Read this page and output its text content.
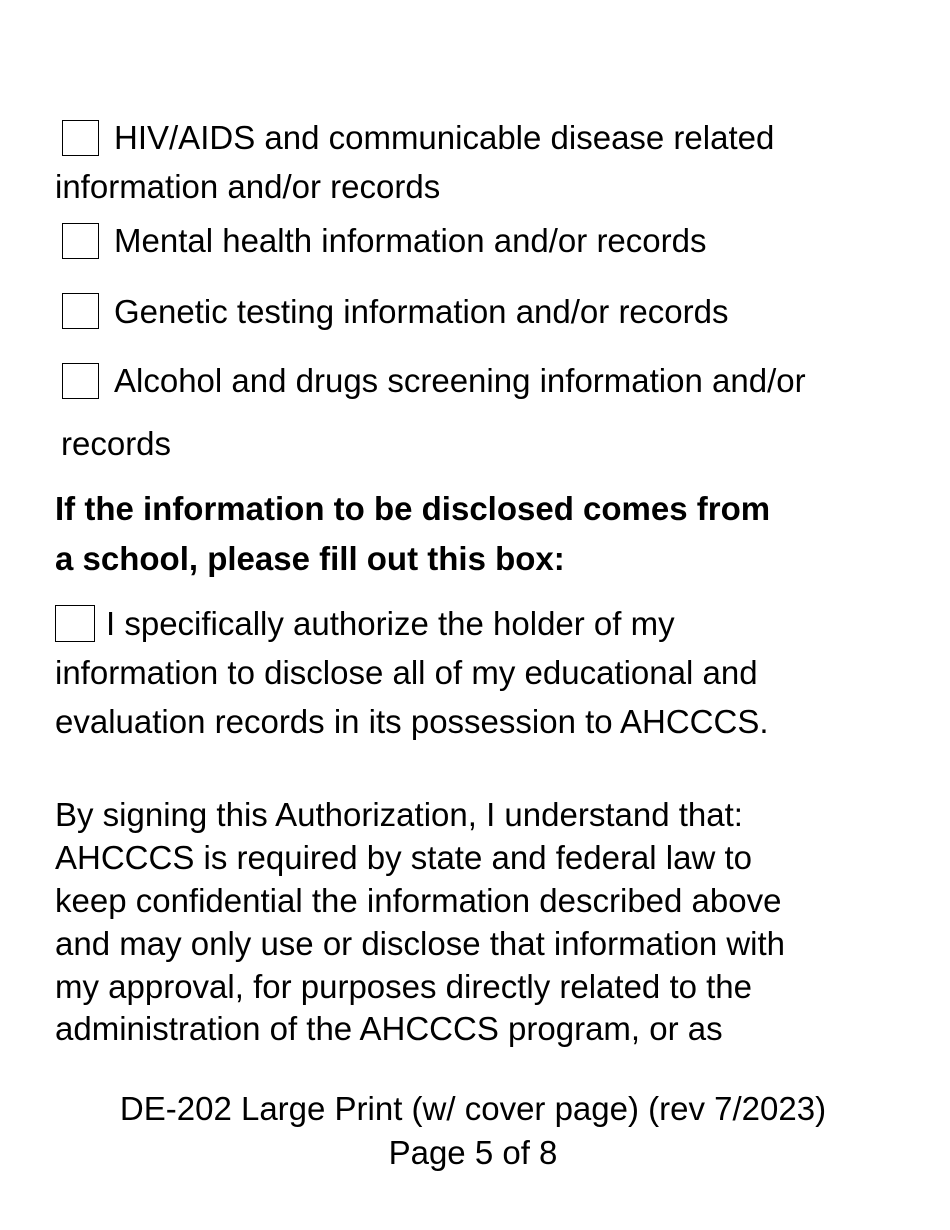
HIV/AIDS and communicable disease related
information and/or records
Mental health information and/or records
Genetic testing information and/or records
Alcohol and drugs screening information and/or
records
If the information to be disclosed comes from
a school, please fill out this box:
I specifically authorize the holder of my
information to disclose all of my educational and
evaluation records in its possession to AHCCCS.
By signing this Authorization, I understand that:
AHCCCS is required by state and federal law to
keep confidential the information described above
and may only use or disclose that information with
my approval, for purposes directly related to the
administration of the AHCCCS program, or as
DE-202 Large Print (w/ cover page) (rev 7/2023)
Page 5 of 8
